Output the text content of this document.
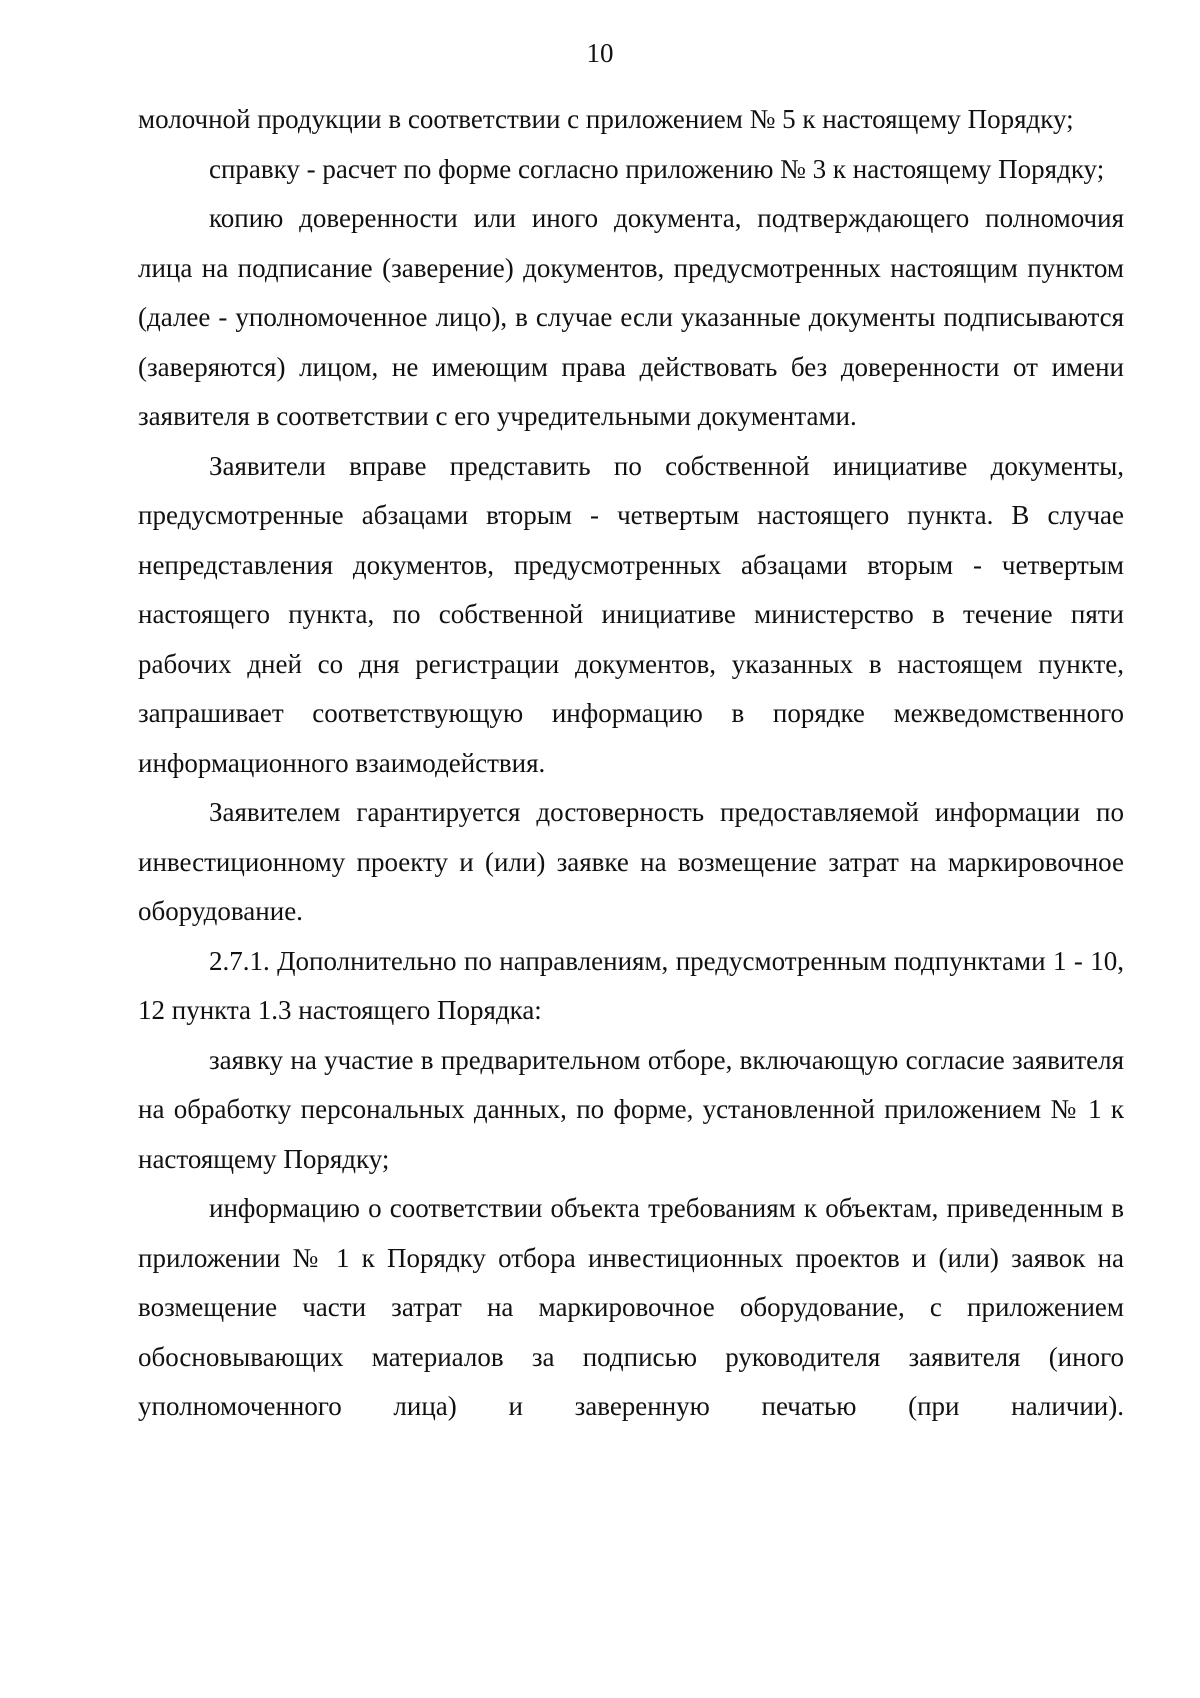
10

молочной продукции в соответствии с приложением № 5 к настоящему Порядку;

справку - расчет по форме согласно приложению № 3 к настоящему Порядку;

копию доверенности или иного документа, подтверждающего полномочия лица на подписание (заверение) документов, предусмотренных настоящим пунктом (далее - уполномоченное лицо), в случае если указанные документы подписываются (заверяются) лицом, не имеющим права действовать без доверенности от имени заявителя в соответствии с его учредительными документами.

Заявители вправе представить по собственной инициативе документы, предусмотренные абзацами вторым - четвертым настоящего пункта. В случае непредставления документов, предусмотренных абзацами вторым - четвертым настоящего пункта, по собственной инициативе министерство в течение пяти рабочих дней со дня регистрации документов, указанных в настоящем пункте, запрашивает соответствующую информацию в порядке межведомственного информационного взаимодействия.

Заявителем гарантируется достоверность предоставляемой информации по инвестиционному проекту и (или) заявке на возмещение затрат на маркировочное оборудование.

2.7.1. Дополнительно по направлениям, предусмотренным подпунктами 1 - 10, 12 пункта 1.3 настоящего Порядка:

заявку на участие в предварительном отборе, включающую согласие заявителя на обработку персональных данных, по форме, установленной приложением № 1 к настоящему Порядку;

информацию о соответствии объекта требованиям к объектам, приведенным в приложении № 1 к Порядку отбора инвестиционных проектов и (или) заявок на возмещение части затрат на маркировочное оборудование, с приложением обосновывающих материалов за подписью руководителя заявителя (иного уполномоченного лица) и заверенную печатью (при наличии).
